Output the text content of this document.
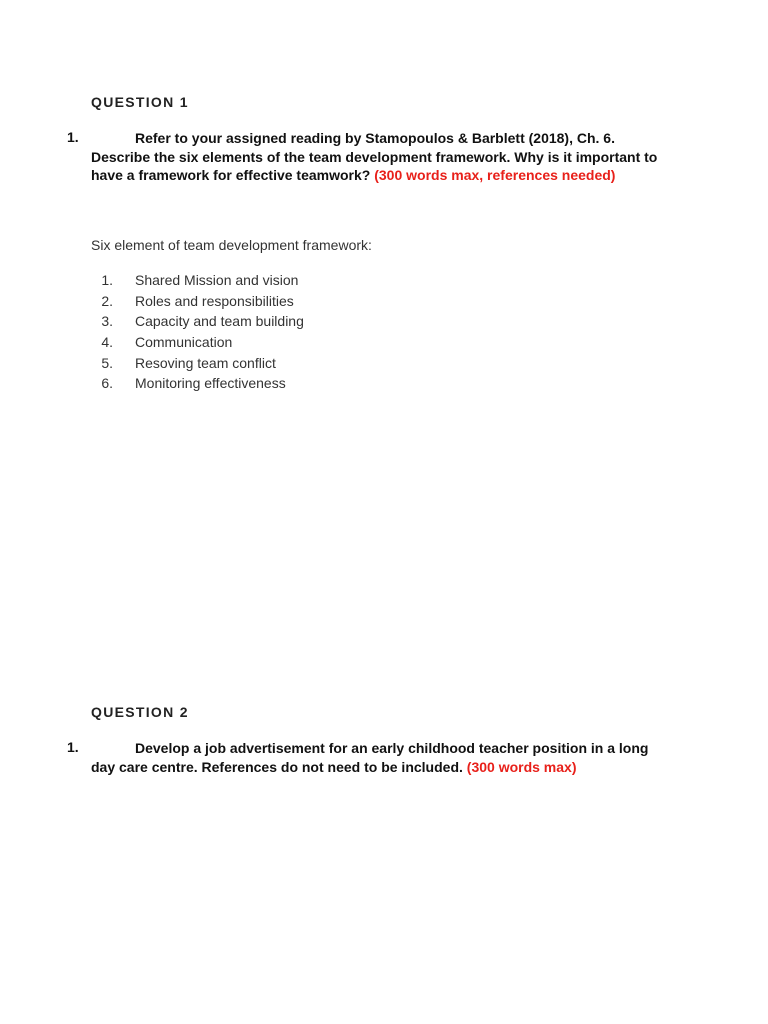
QUESTION 1
1.	Refer to your assigned reading by Stamopoulos & Barblett (2018), Ch. 6. Describe the six elements of the team development framework. Why is it important to have a framework for effective teamwork? (300 words max, references needed)
Six element of team development framework:
1. Shared Mission and vision
2. Roles and responsibilities
3. Capacity and team building
4. Communication
5. Resoving team conflict
6. Monitoring effectiveness
QUESTION 2
1.	Develop a job advertisement for an early childhood teacher position in a long day care centre. References do not need to be included. (300 words max)
